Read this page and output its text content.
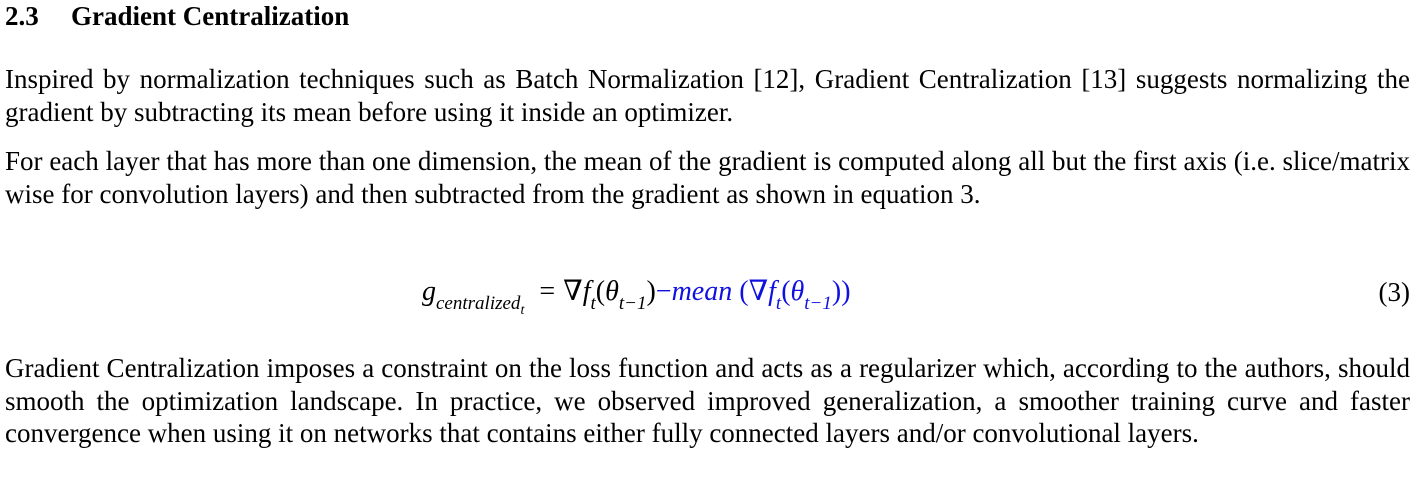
2.3 Gradient Centralization

Inspired by normalization techniques such as Batch Normalization [12], Gradient Centralization [13] suggests normalizing the gradient by subtracting its mean before using it inside an optimizer.

For each layer that has more than one dimension, the mean of the gradient is computed along all but the first axis (i.e. slice/matrix wise for convolution layers) and then subtracted from the gradient as shown in equation 3.

$g_{centralized_t}$ = $\nabla f_t(\theta_{t-1})-mean$ $(\nabla f_t(\theta_{t-1}))$	(3)

Gradient Centralization imposes a constraint on the loss function and acts as a regularizer which, according to the authors, should smooth the optimization landscape. In practice, we observed improved generalization, a smoother training curve and faster convergence when using it on networks that contains either fully connected layers and/or convolutional layers.
